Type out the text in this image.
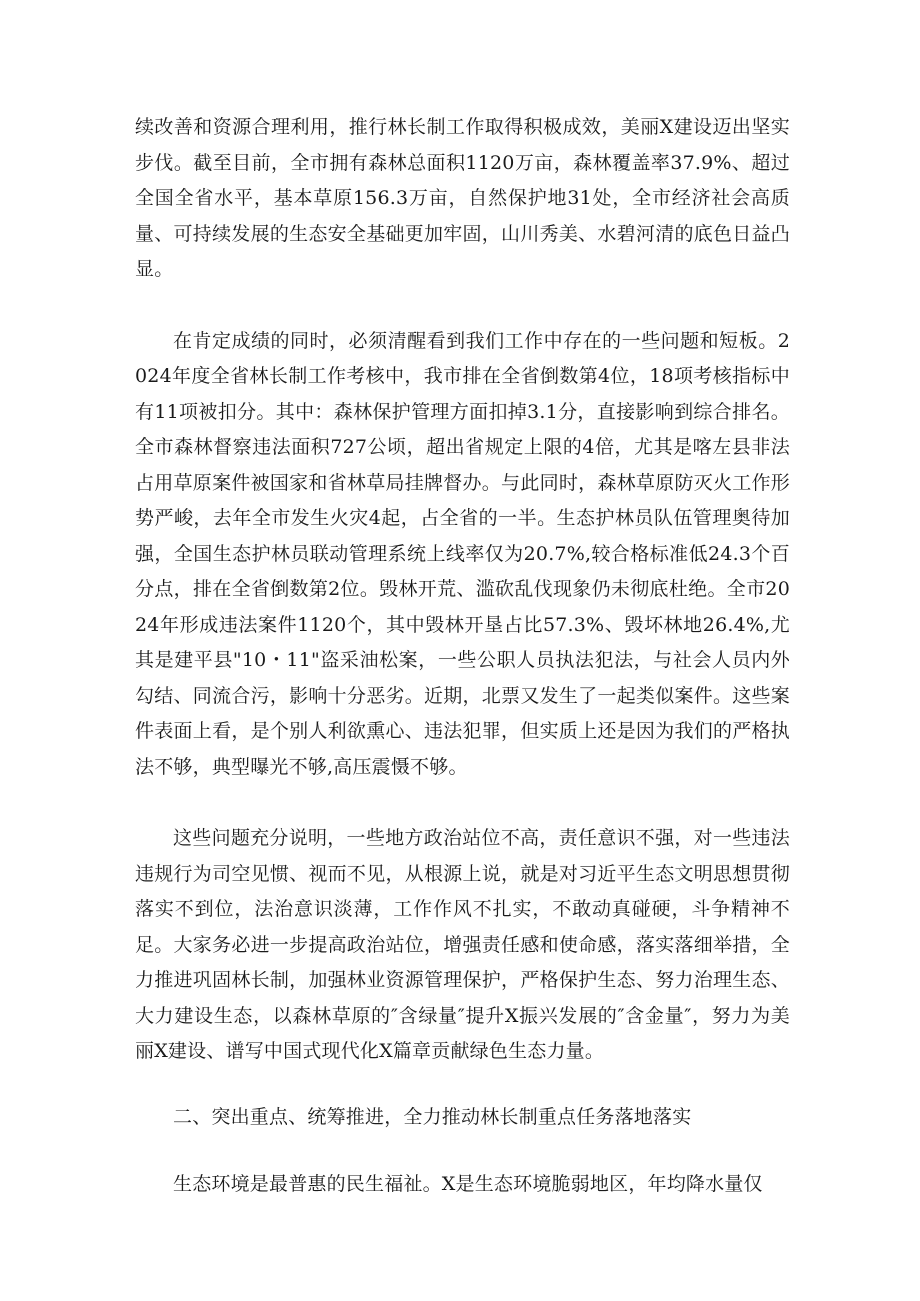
续改善和资源合理利用，推行林长制工作取得积极成效，美丽X建设迈出坚实步伐。截至目前，全市拥有森林总面积1120万亩，森林覆盖率37.9%、超过全国全省水平，基本草原156.3万亩，自然保护地31处，全市经济社会高质量、可持续发展的生态安全基础更加牢固，山川秀美、水碧河清的底色日益凸显。

在肯定成绩的同时，必须清醒看到我们工作中存在的一些问题和短板。2024年度全省林长制工作考核中，我市排在全省倒数第4位，18项考核指标中有11项被扣分。其中：森林保护管理方面扣掉3.1分，直接影响到综合排名。全市森林督察违法面积727公顷，超出省规定上限的4倍，尤其是喀左县非法占用草原案件被国家和省林草局挂牌督办。与此同时，森林草原防灭火工作形势严峻，去年全市发生火灾4起，占全省的一半。生态护林员队伍管理奥待加强，全国生态护林员联动管理系统上线率仅为20.7%,较合格标准低24.3个百分点，排在全省倒数第2位。毁林开荒、滥砍乱伐现象仍未彻底杜绝。全市2024年形成违法案件1120个，其中毁林开垦占比57.3%、毁坏林地26.4%,尤其是建平县"10・11"盗采油松案，一些公职人员执法犯法，与社会人员内外勾结、同流合污，影响十分恶劣。近期，北票又发生了一起类似案件。这些案件表面上看，是个别人利欲熏心、违法犯罪，但实质上还是因为我们的严格执法不够，典型曝光不够,高压震慑不够。

这些问题充分说明，一些地方政治站位不高，责任意识不强，对一些违法违规行为司空见惯、视而不见，从根源上说，就是对习近平生态文明思想贯彻落实不到位，法治意识淡薄，工作作风不扎实，不敢动真碰硬，斗争精神不足。大家务必进一步提高政治站位，增强责任感和使命感，落实落细举措，全力推进巩固林长制，加强林业资源管理保护，严格保护生态、努力治理生态、大力建设生态，以森林草原的″含绿量″提升X振兴发展的″含金量″，努力为美丽X建设、谱写中国式现代化X篇章贡献绿色生态力量。

二、突出重点、统筹推进，全力推动林长制重点任务落地落实

生态环境是最普惠的民生福祉。X是生态环境脆弱地区，年均降水量仅
